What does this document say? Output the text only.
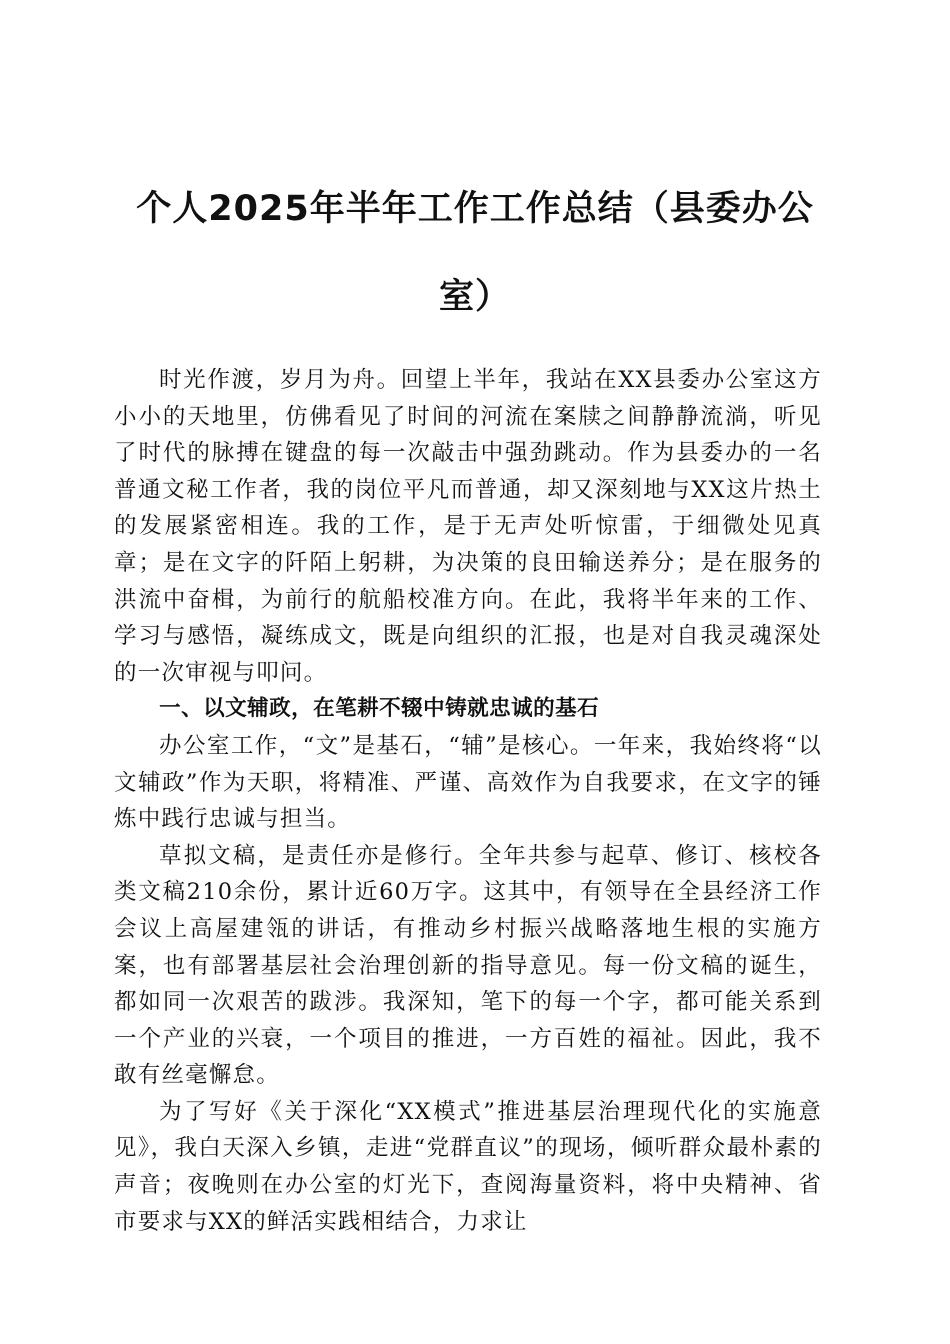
个人2025年半年工作工作总结（县委办公室）

时光作渡，岁月为舟。回望上半年，我站在XX县委办公室这方小小的天地里，仿佛看见了时间的河流在案牍之间静静流淌，听见了时代的脉搏在键盘的每一次敲击中强劲跳动。作为县委办的一名普通文秘工作者，我的岗位平凡而普通，却又深刻地与XX这片热土的发展紧密相连。我的工作，是于无声处听惊雷，于细微处见真章；是在文字的阡陌上躬耕，为决策的良田输送养分；是在服务的洪流中奋楫，为前行的航船校准方向。在此，我将半年来的工作、学习与感悟，凝练成文，既是向组织的汇报，也是对自我灵魂深处的一次审视与叩问。

一、以文辅政，在笔耕不辍中铸就忠诚的基石

办公室工作，“文”是基石，“辅”是核心。一年来，我始终将“以文辅政”作为天职，将精准、严谨、高效作为自我要求，在文字的锤炼中践行忠诚与担当。

草拟文稿，是责任亦是修行。全年共参与起草、修订、核校各类文稿210余份，累计近60万字。这其中，有领导在全县经济工作会议上高屋建瓴的讲话，有推动乡村振兴战略落地生根的实施方案，也有部署基层社会治理创新的指导意见。每一份文稿的诞生，都如同一次艰苦的跋涉。我深知，笔下的每一个字，都可能关系到一个产业的兴衰，一个项目的推进，一方百姓的福祉。因此，我不敢有丝毫懈怠。

为了写好《关于深化“XX模式”推进基层治理现代化的实施意见》，我白天深入乡镇，走进“党群直议”的现场，倾听群众最朴素的声音；夜晚则在办公室的灯光下，查阅海量资料，将中央精神、省市要求与XX的鲜活实践相结合，力求让
